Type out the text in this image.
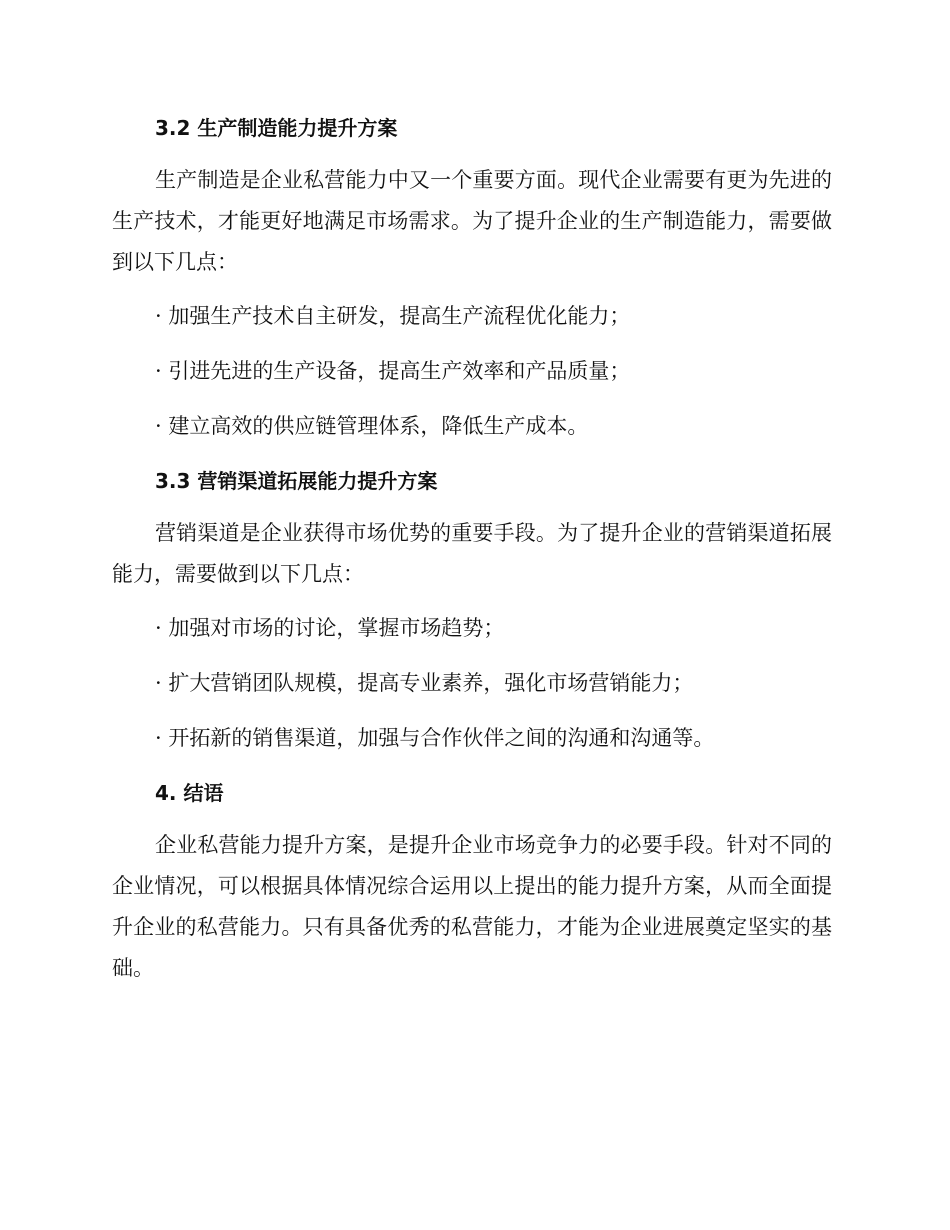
3.2 生产制造能力提升方案

生产制造是企业私营能力中又一个重要方面。现代企业需要有更为先进的生产技术，才能更好地满足市场需求。为了提升企业的生产制造能力，需要做到以下几点：

· 加强生产技术自主研发，提高生产流程优化能力；
· 引进先进的生产设备，提高生产效率和产品质量；
· 建立高效的供应链管理体系，降低生产成本。
3.3 营销渠道拓展能力提升方案

营销渠道是企业获得市场优势的重要手段。为了提升企业的营销渠道拓展能力，需要做到以下几点：

· 加强对市场的讨论，掌握市场趋势；
· 扩大营销团队规模，提高专业素养，强化市场营销能力；
· 开拓新的销售渠道，加强与合作伙伴之间的沟通和沟通等。
4. 结语

企业私营能力提升方案，是提升企业市场竞争力的必要手段。针对不同的企业情况，可以根据具体情况综合运用以上提出的能力提升方案，从而全面提升企业的私营能力。只有具备优秀的私营能力，才能为企业进展奠定坚实的基础。
